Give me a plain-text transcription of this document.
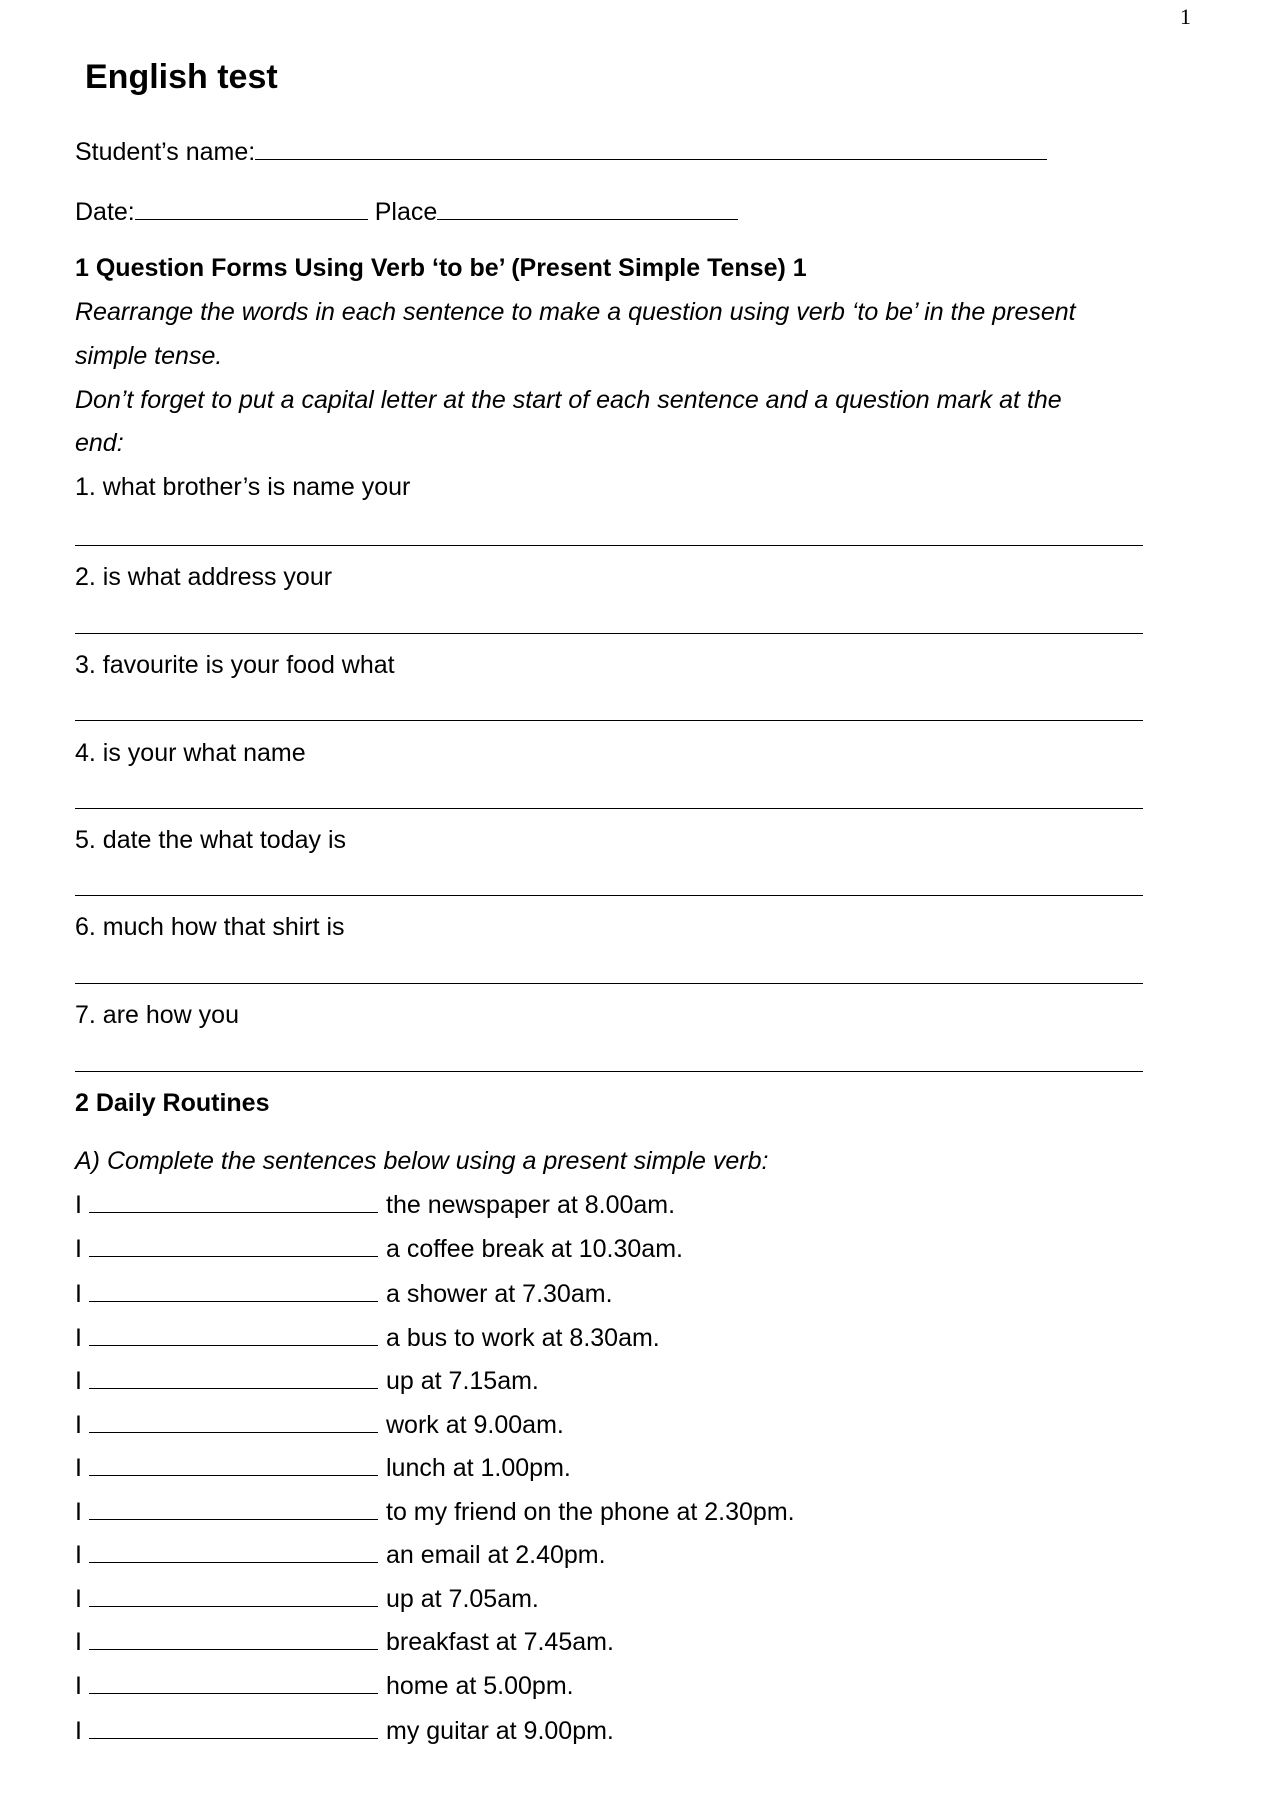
1
English test
Student’s name:
Date:	Place
1 Question Forms Using Verb ‘to be’ (Present Simple Tense) 1
Rearrange the words in each sentence to make a question using verb ‘to be’ in the present
simple tense.
Don’t forget to put a capital letter at the start of each sentence and a question mark at the
end:
1. what brother’s is name your
2. is what address your
3. favourite is your food what
4. is your what name
5. date the what today is
6. much how that shirt is
7. are how you
2 Daily Routines
A) Complete the sentences below using a present simple verb:
I	the newspaper at 8.00am.
I	a coffee break at 10.30am.
I	a shower at 7.30am.
I	a bus to work at 8.30am.
I	up at 7.15am.
I	work at 9.00am.
I	lunch at 1.00pm.
I	to my friend on the phone at 2.30pm.
I	an email at 2.40pm.
I	up at 7.05am.
I	breakfast at 7.45am.
I	home at 5.00pm.
I	my guitar at 9.00pm.
